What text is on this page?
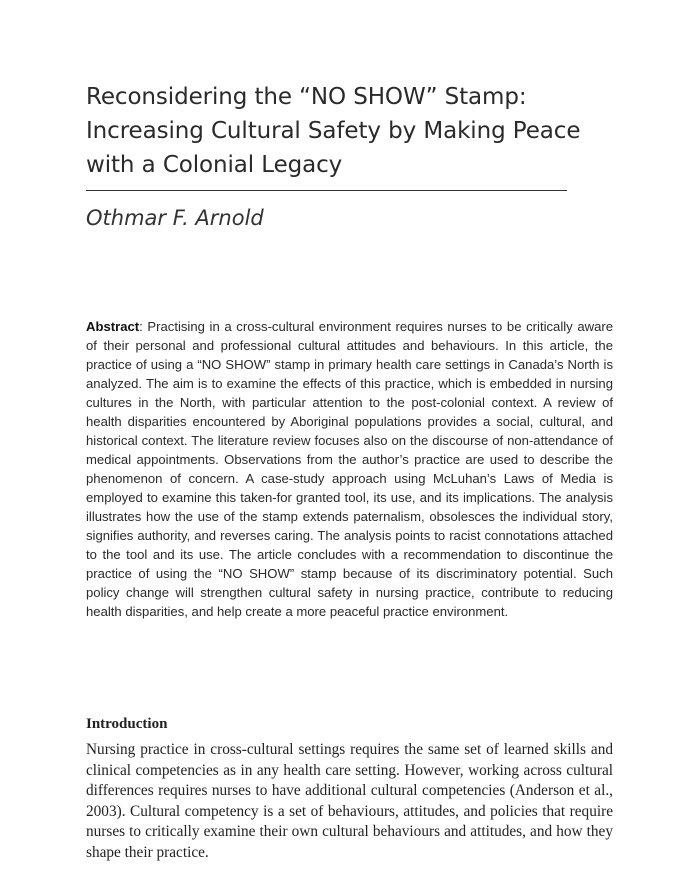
Reconsidering the “NO SHOW” Stamp: Increasing Cultural Safety by Making Peace with a Colonial Legacy

Othmar F. Arnold

Abstract: Practising in a cross-cultural environment requires nurses to be critically aware of their personal and professional cultural attitudes and behaviours. In this article, the practice of using a “NO SHOW” stamp in primary health care settings in Canada’s North is analyzed. The aim is to examine the effects of this practice, which is embedded in nursing cultures in the North, with particular attention to the post-colonial context. A review of health disparities encountered by Aboriginal populations provides a social, cultural, and historical context. The literature review focuses also on the discourse of non-attendance of medical appointments. Observations from the author’s practice are used to describe the phenomenon of concern. A case-study approach using McLuhan’s Laws of Media is employed to examine this taken-for granted tool, its use, and its implications. The analysis illustrates how the use of the stamp extends paternalism, obsolesces the individual story, signifies authority, and reverses caring. The analysis points to racist connotations attached to the tool and its use. The article concludes with a recommendation to discontinue the practice of using the “NO SHOW” stamp because of its discriminatory potential. Such policy change will strengthen cultural safety in nursing practice, contribute to reducing health disparities, and help create a more peaceful practice environment.

Introduction

Nursing practice in cross-cultural settings requires the same set of learned skills and clinical competencies as in any health care setting. However, working across cultural differences requires nurses to have additional cultural competencies (Anderson et al., 2003). Cultural competency is a set of behaviours, attitudes, and policies that require nurses to critically examine their own cultural behaviours and attitudes, and how they shape their practice.
